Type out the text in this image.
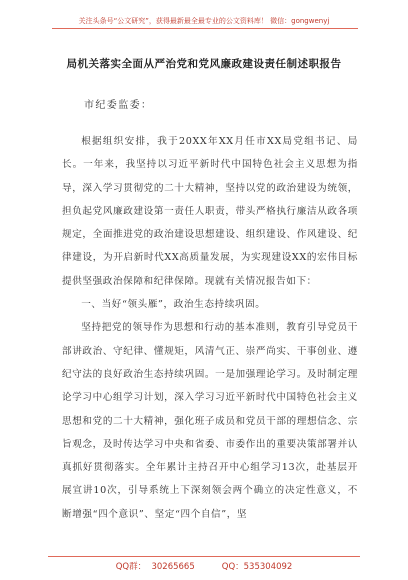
关注头条号“公文研究”，获得最新最全最专业的公文资料库！ 微信：gongwenyj
局机关落实全面从严治党和党风廉政建设责任制述职报告
市纪委监委：

根据组织安排，我于20XX年XX月任市XX局党组书记、局长。一年来，我坚持以习近平新时代中国特色社会主义思想为指导，深入学习贯彻党的二十大精神，坚持以党的政治建设为统领，担负起党风廉政建设第一责任人职责，带头严格执行廉洁从政各项规定，全面推进党的政治建设思想建设、组织建设、作风建设、纪律建设，为开启新时代XX高质量发展，为实现建设XX的宏伟目标提供坚强政治保障和纪律保障。现就有关情况报告如下：

一、当好“领头雁”，政治生态持续巩固。

坚持把党的领导作为思想和行动的基本准则，教育引导党员干部讲政治、守纪律、懂规矩，风清气正、崇严尚实、干事创业、遵纪守法的良好政治生态持续巩固。一是加强理论学习。及时制定理论学习中心组学习计划，深入学习习近平新时代中国特色社会主义思想和党的二十大精神，强化班子成员和党员干部的理想信念、宗旨观念，及时传达学习中央和省委、市委作出的重要决策部署并认真抓好贯彻落实。全年累计主持召开中心组学习13次，赴基层开展宣讲10次，引导系统上下深刻领会两个确立的决定性意义，不断增强“四个意识”、坚定“四个自信”，坚

QQ群：  30265665          QQ：535304092
